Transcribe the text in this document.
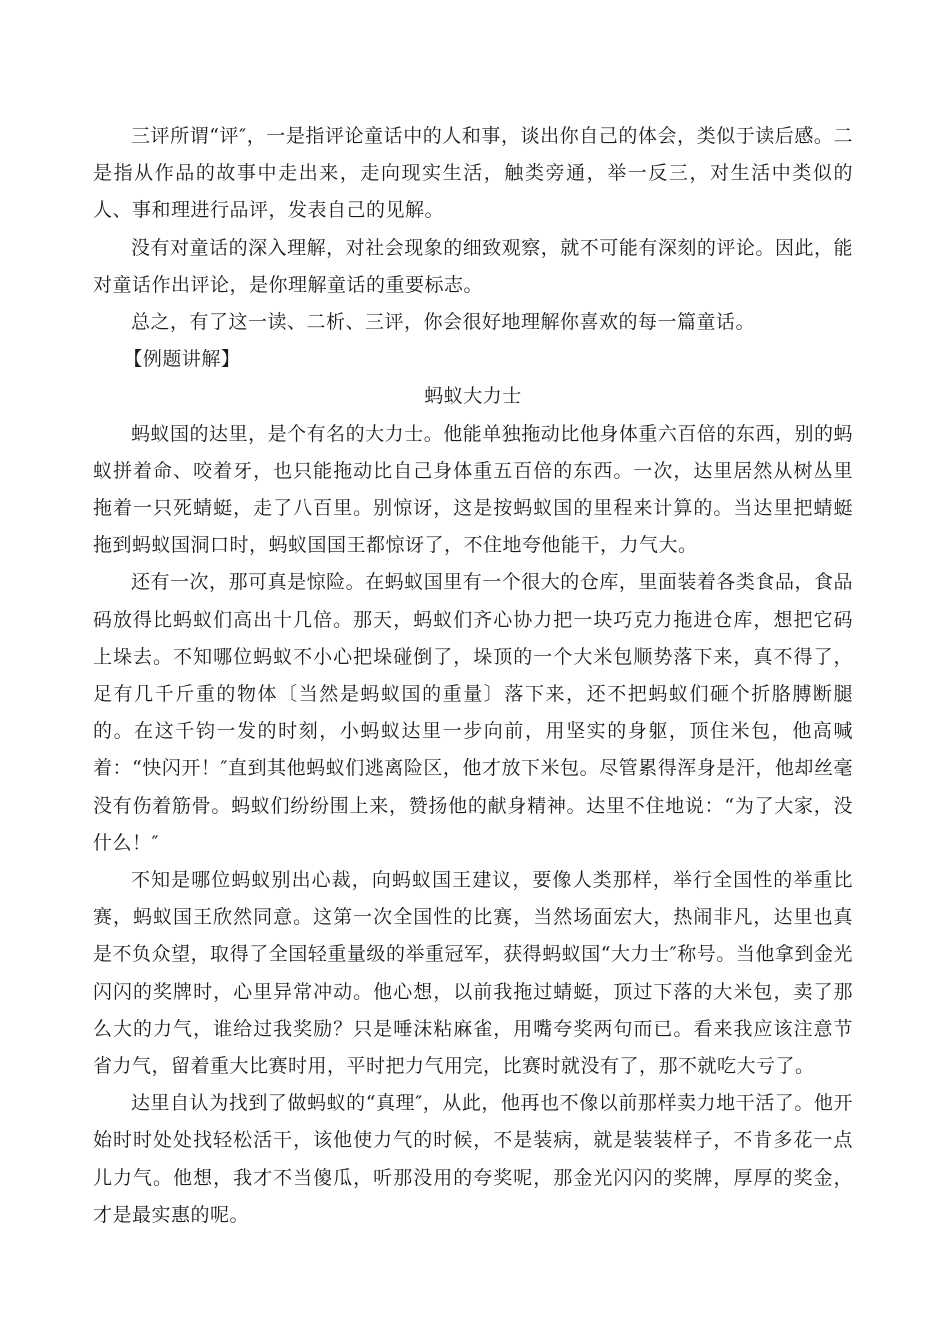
三评所谓“评″，一是指评论童话中的人和事，谈出你自己的体会，类似于读后感。二是指从作品的故事中走出来，走向现实生活，触类旁通，举一反三，对生活中类似的人、事和理进行品评，发表自己的见解。

没有对童话的深入理解，对社会现象的细致观察，就不可能有深刻的评论。因此，能对童话作出评论，是你理解童话的重要标志。

总之，有了这一读、二析、三评，你会很好地理解你喜欢的每一篇童话。

【例题讲解】

蚂蚁大力士

蚂蚁国的达里，是个有名的大力士。他能单独拖动比他身体重六百倍的东西，别的蚂蚁拼着命、咬着牙，也只能拖动比自己身体重五百倍的东西。一次，达里居然从树丛里拖着一只死蜻蜓，走了八百里。别惊讶，这是按蚂蚁国的里程来计算的。当达里把蜻蜓拖到蚂蚁国洞口时，蚂蚁国国王都惊讶了，不住地夸他能干，力气大。

还有一次，那可真是惊险。在蚂蚁国里有一个很大的仓库，里面装着各类食品，食品码放得比蚂蚁们高出十几倍。那天，蚂蚁们齐心协力把一块巧克力拖进仓库，想把它码上垛去。不知哪位蚂蚁不小心把垛碰倒了，垛顶的一个大米包顺势落下来，真不得了，足有几千斤重的物体〔当然是蚂蚁国的重量〕落下来，还不把蚂蚁们砸个折胳膊断腿的。在这千钧一发的时刻，小蚂蚁达里一步向前，用坚实的身躯，顶住米包，他高喊着：“快闪开！″直到其他蚂蚁们逃离险区，他才放下米包。尽管累得浑身是汗，他却丝毫没有伤着筋骨。蚂蚁们纷纷围上来，赞扬他的献身精神。达里不住地说：“为了大家，没什么！″

不知是哪位蚂蚁别出心裁，向蚂蚁国王建议，要像人类那样，举行全国性的举重比赛，蚂蚁国王欣然同意。这第一次全国性的比赛，当然场面宏大，热闹非凡，达里也真是不负众望，取得了全国轻重量级的举重冠军，获得蚂蚁国“大力士″称号。当他拿到金光闪闪的奖牌时，心里异常冲动。他心想，以前我拖过蜻蜓，顶过下落的大米包，卖了那么大的力气，谁给过我奖励？只是唾沫粘麻雀，用嘴夸奖两句而已。看来我应该注意节省力气，留着重大比赛时用，平时把力气用完，比赛时就没有了，那不就吃大亏了。

达里自认为找到了做蚂蚁的“真理″，从此，他再也不像以前那样卖力地干活了。他开始时时处处找轻松活干，该他使力气的时候，不是装病，就是装装样子，不肯多花一点儿力气。他想，我才不当傻瓜，听那没用的夸奖呢，那金光闪闪的奖牌，厚厚的奖金，才是最实惠的呢。
